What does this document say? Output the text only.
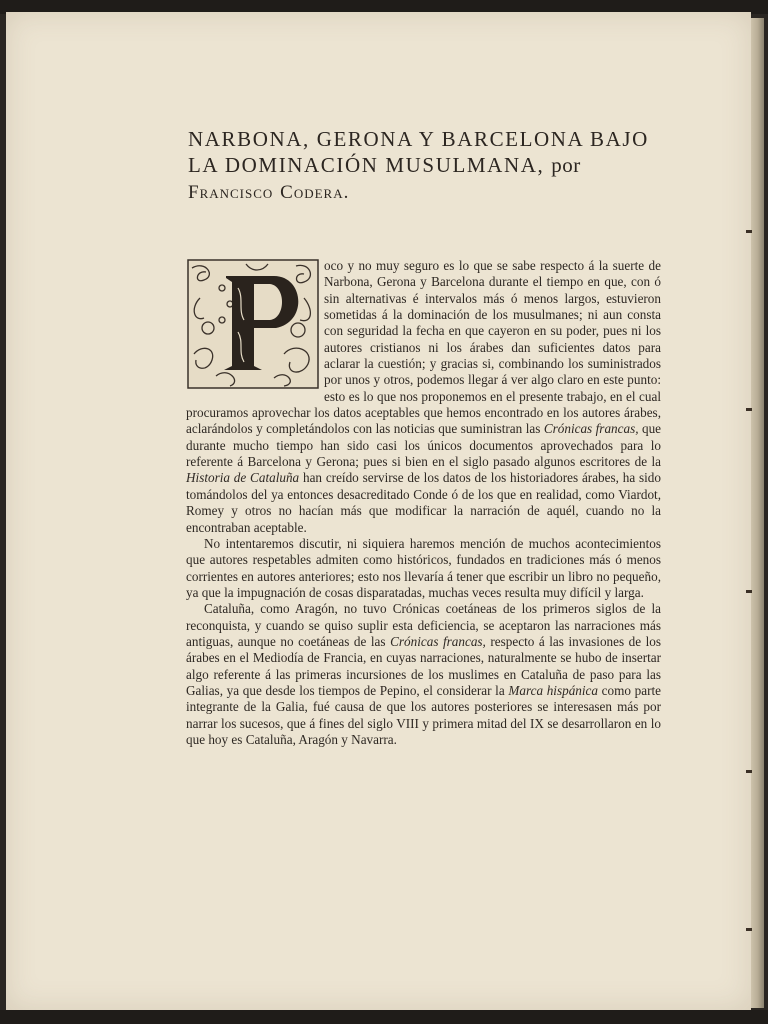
NARBONA, GERONA Y BARCELONA BAJO
LA DOMINACIÓN MUSULMANA, por Francisco Codera.

oco y no muy seguro es lo que se sabe respecto á la suerte de Narbona, Gerona y Barcelona durante el tiempo en que, con ó sin alternativas é intervalos más ó menos largos, estuvieron sometidas á la dominación de los musulmanes; ni aun consta con seguridad la fecha en que cayeron en su poder, pues ni los autores cristianos ni los árabes dan suficientes datos para aclarar la cuestión; y gracias si, combinando los suministrados por unos y otros, podemos llegar á ver algo claro en este punto: esto es lo que nos proponemos en el presente trabajo, en el cual procuramos aprovechar los datos aceptables que hemos encontrado en los autores árabes, aclarándolos y completándolos con las noticias que suministran las Crónicas francas, que durante mucho tiempo han sido casi los únicos documentos aprovechados para lo referente á Barcelona y Gerona; pues si bien en el siglo pasado algunos escritores de la Historia de Cataluña han creído servirse de los datos de los historiadores árabes, ha sido tomándolos del ya entonces desacreditado Conde ó de los que en realidad, como Viardot, Romey y otros no hacían más que modificar la narración de aquél, cuando no la encontraban aceptable.

No intentaremos discutir, ni siquiera haremos mención de muchos acontecimientos que autores respetables admiten como históricos, fundados en tradiciones más ó menos corrientes en autores anteriores; esto nos llevaría á tener que escribir un libro no pequeño, ya que la impugnación de cosas disparatadas, muchas veces resulta muy difícil y larga.

Cataluña, como Aragón, no tuvo Crónicas coetáneas de los primeros siglos de la reconquista, y cuando se quiso suplir esta deficiencia, se aceptaron las narraciones más antiguas, aunque no coetáneas de las Crónicas francas, respecto á las invasiones de los árabes en el Mediodía de Francia, en cuyas narraciones, naturalmente se hubo de insertar algo referente á las primeras incursiones de los muslimes en Cataluña de paso para las Galias, ya que desde los tiempos de Pepino, el considerar la Marca hispánica como parte integrante de la Galia, fué causa de que los autores posteriores se interesasen más por narrar los sucesos, que á fines del siglo VIII y primera mitad del IX se desarrollaron en lo que hoy es Cataluña, Aragón y Navarra.
